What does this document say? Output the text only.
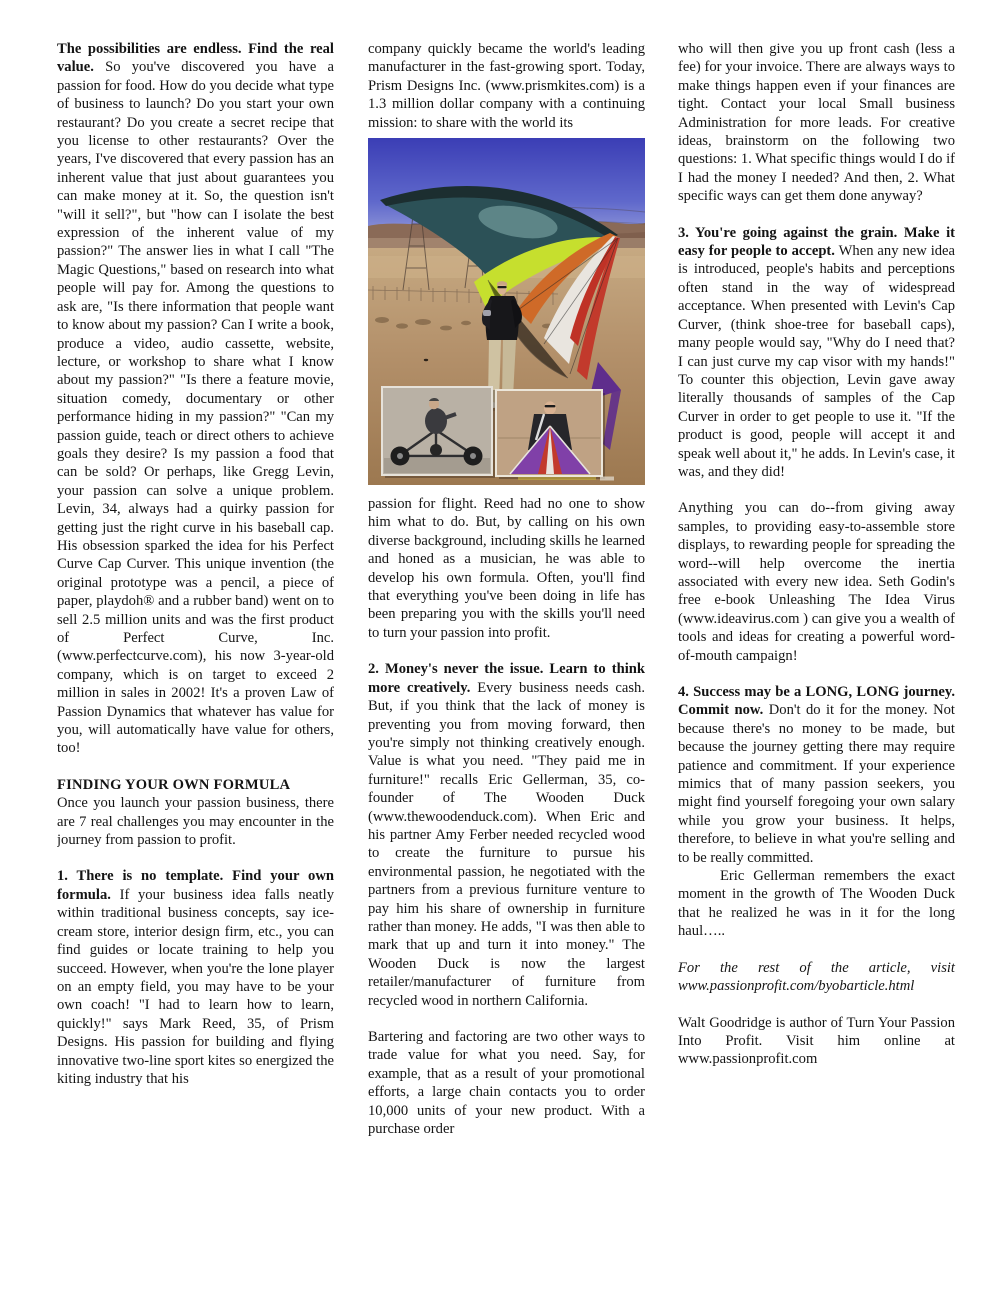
The possibilities are endless. Find the real value. So you've discovered you have a passion for food. How do you decide what type of business to launch? Do you start your own restaurant? Do you create a secret recipe that you license to other restaurants? Over the years, I've discovered that every passion has an inherent value that just about guarantees you can make money at it. So, the question isn't "will it sell?", but "how can I isolate the best expression of the inherent value of my passion?" The answer lies in what I call "The Magic Questions," based on research into what people will pay for. Among the questions to ask are, "Is there information that people want to know about my passion? Can I write a book, produce a video, audio cassette, website, lecture, or workshop to share what I know about my passion?" "Is there a feature movie, situation comedy, documentary or other performance hiding in my passion?" "Can my passion guide, teach or direct others to achieve goals they desire? Is my passion a food that can be sold? Or perhaps, like Gregg Levin, your passion can solve a unique problem. Levin, 34, always had a quirky passion for getting just the right curve in his baseball cap. His obsession sparked the idea for his Perfect Curve Cap Curver. This unique invention (the original prototype was a pencil, a piece of paper, playdoh® and a rubber band) went on to sell 2.5 million units and was the first product of Perfect Curve, Inc. (www.perfectcurve.com), his now 3-year-old company, which is on target to exceed 2 million in sales in 2002! It's a proven Law of Passion Dynamics that whatever has value for you, will automatically have value for others, too!

FINDING YOUR OWN FORMULA

Once you launch your passion business, there are 7 real challenges you may encounter in the journey from passion to profit.

1. There is no template. Find your own formula. If your business idea falls neatly within traditional business concepts, say ice-cream store, interior design firm, etc., you can find guides or locate training to help you succeed. However, when you're the lone player on an empty field, you may have to be your own coach! "I had to learn how to learn, quickly!" says Mark Reed, 35, of Prism Designs. His passion for building and flying innovative two-line sport kites so energized the kiting industry that his

company quickly became the world's leading manufacturer in the fast-growing sport. Today, Prism Designs Inc. (www.prismkites.com) is a 1.3 million dollar company with a continuing mission: to share with the world its

passion for flight. Reed had no one to show him what to do. But, by calling on his own diverse background, including skills he learned and honed as a musician, he was able to develop his own formula. Often, you'll find that everything you've been doing in life has been preparing you with the skills you'll need to turn your passion into profit.

2. Money's never the issue. Learn to think more creatively. Every business needs cash. But, if you think that the lack of money is preventing you from moving forward, then you're simply not thinking creatively enough. Value is what you need. "They paid me in furniture!" recalls Eric Gellerman, 35, co-founder of The Wooden Duck (www.thewoodenduck.com). When Eric and his partner Amy Ferber needed recycled wood to create the furniture to pursue his environmental passion, he negotiated with the partners from a previous furniture venture to pay him his share of ownership in furniture rather than money. He adds, "I was then able to mark that up and turn it into money." The Wooden Duck is now the largest retailer/manufacturer of furniture from recycled wood in northern California.

Bartering and factoring are two other ways to trade value for what you need. Say, for example, that as a result of your promotional efforts, a large chain contacts you to order 10,000 units of your new product. With a purchase order

who will then give you up front cash (less a fee) for your invoice. There are always ways to make things happen even if your finances are tight. Contact your local Small business Administration for more leads. For creative ideas, brainstorm on the following two questions: 1. What specific things would I do if I had the money I needed? And then, 2. What specific ways can get them done anyway?

3. You're going against the grain. Make it easy for people to accept. When any new idea is introduced, people's habits and perceptions often stand in the way of widespread acceptance. When presented with Levin's Cap Curver, (think shoe-tree for baseball caps), many people would say, "Why do I need that? I can just curve my cap visor with my hands!" To counter this objection, Levin gave away literally thousands of samples of the Cap Curver in order to get people to use it. "If the product is good, people will accept it and speak well about it," he adds. In Levin's case, it was, and they did!

Anything you can do--from giving away samples, to providing easy-to-assemble store displays, to rewarding people for spreading the word--will help overcome the inertia associated with every new idea. Seth Godin's free e-book Unleashing The Idea Virus (www.ideavirus.com ) can give you a wealth of tools and ideas for creating a powerful word-of-mouth campaign!

4. Success may be a LONG, LONG journey. Commit now. Don't do it for the money. Not because there's no money to be made, but because the journey getting there may require patience and commitment. If your experience mimics that of many passion seekers, you might find yourself foregoing your own salary while you grow your business. It helps, therefore, to believe in what you're selling and to be really committed.

Eric Gellerman remembers the exact moment in the growth of The Wooden Duck that he realized he was in it for the long haul…..

For the rest of the article, visit www.passionprofit.com/byobarticle.html

Walt Goodridge is author of Turn Your Passion Into Profit. Visit him online at www.passionprofit.com
